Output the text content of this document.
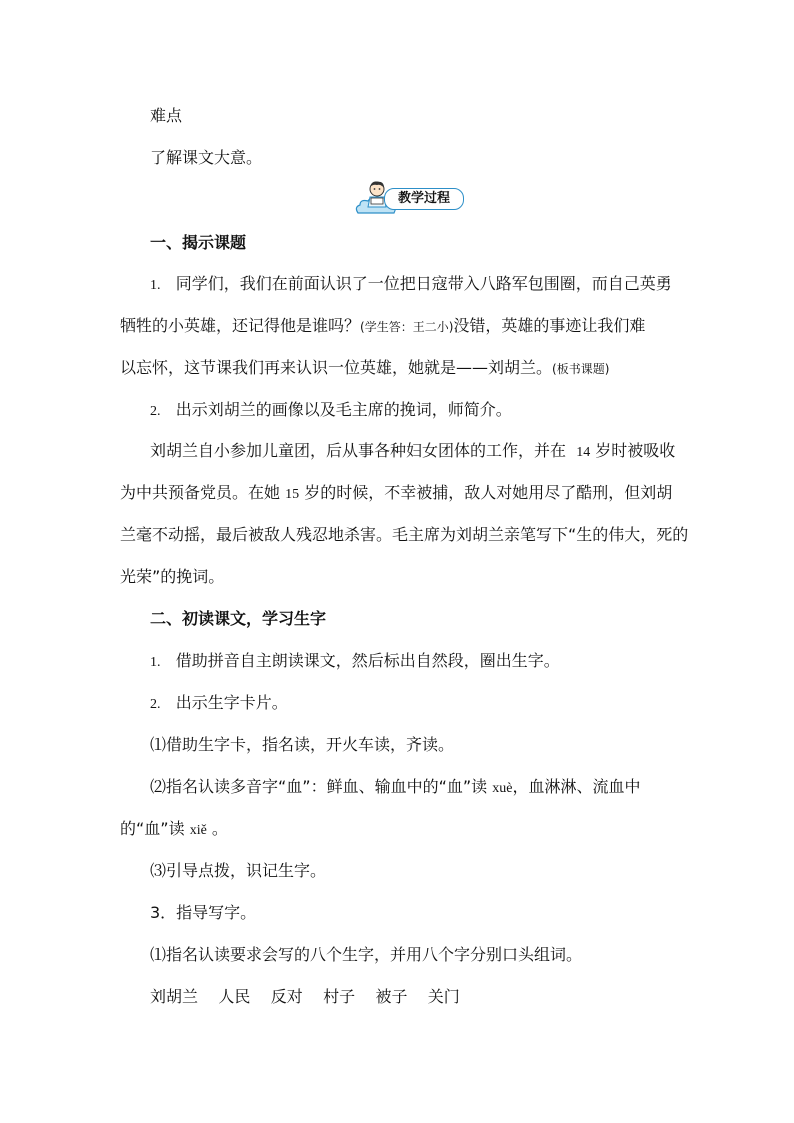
难点
了解课文大意。
教学过程
一、揭示课题
1. 同学们，我们在前面认识了一位把日寇带入八路军包围圈，而自己英勇
牺牲的小英雄，还记得他是谁吗？(学生答：王二小)没错，英雄的事迹让我们难
以忘怀，这节课我们再来认识一位英雄，她就是——刘胡兰。(板书课题)
2. 出示刘胡兰的画像以及毛主席的挽词，师简介。
刘胡兰自小参加儿童团，后从事各种妇女团体的工作，并在 14 岁时被吸收
为中共预备党员。在她 15 岁的时候，不幸被捕，敌人对她用尽了酷刑，但刘胡
兰毫不动摇，最后被敌人残忍地杀害。毛主席为刘胡兰亲笔写下“生的伟大，死的
光荣”的挽词。
二、初读课文，学习生字
1. 借助拼音自主朗读课文，然后标出自然段，圈出生字。
2. 出示生字卡片。
⑴借助生字卡，指名读，开火车读，齐读。
⑵指名认读多音字“血”：鲜血、输血中的“血”读 xuè，血淋淋、流血中
的“血”读 xiě 。
⑶引导点拨，识记生字。
3．指导写字。
⑴指名认读要求会写的八个生字，并用八个字分别口头组词。
刘胡兰 人民 反对 村子 被子 关门
